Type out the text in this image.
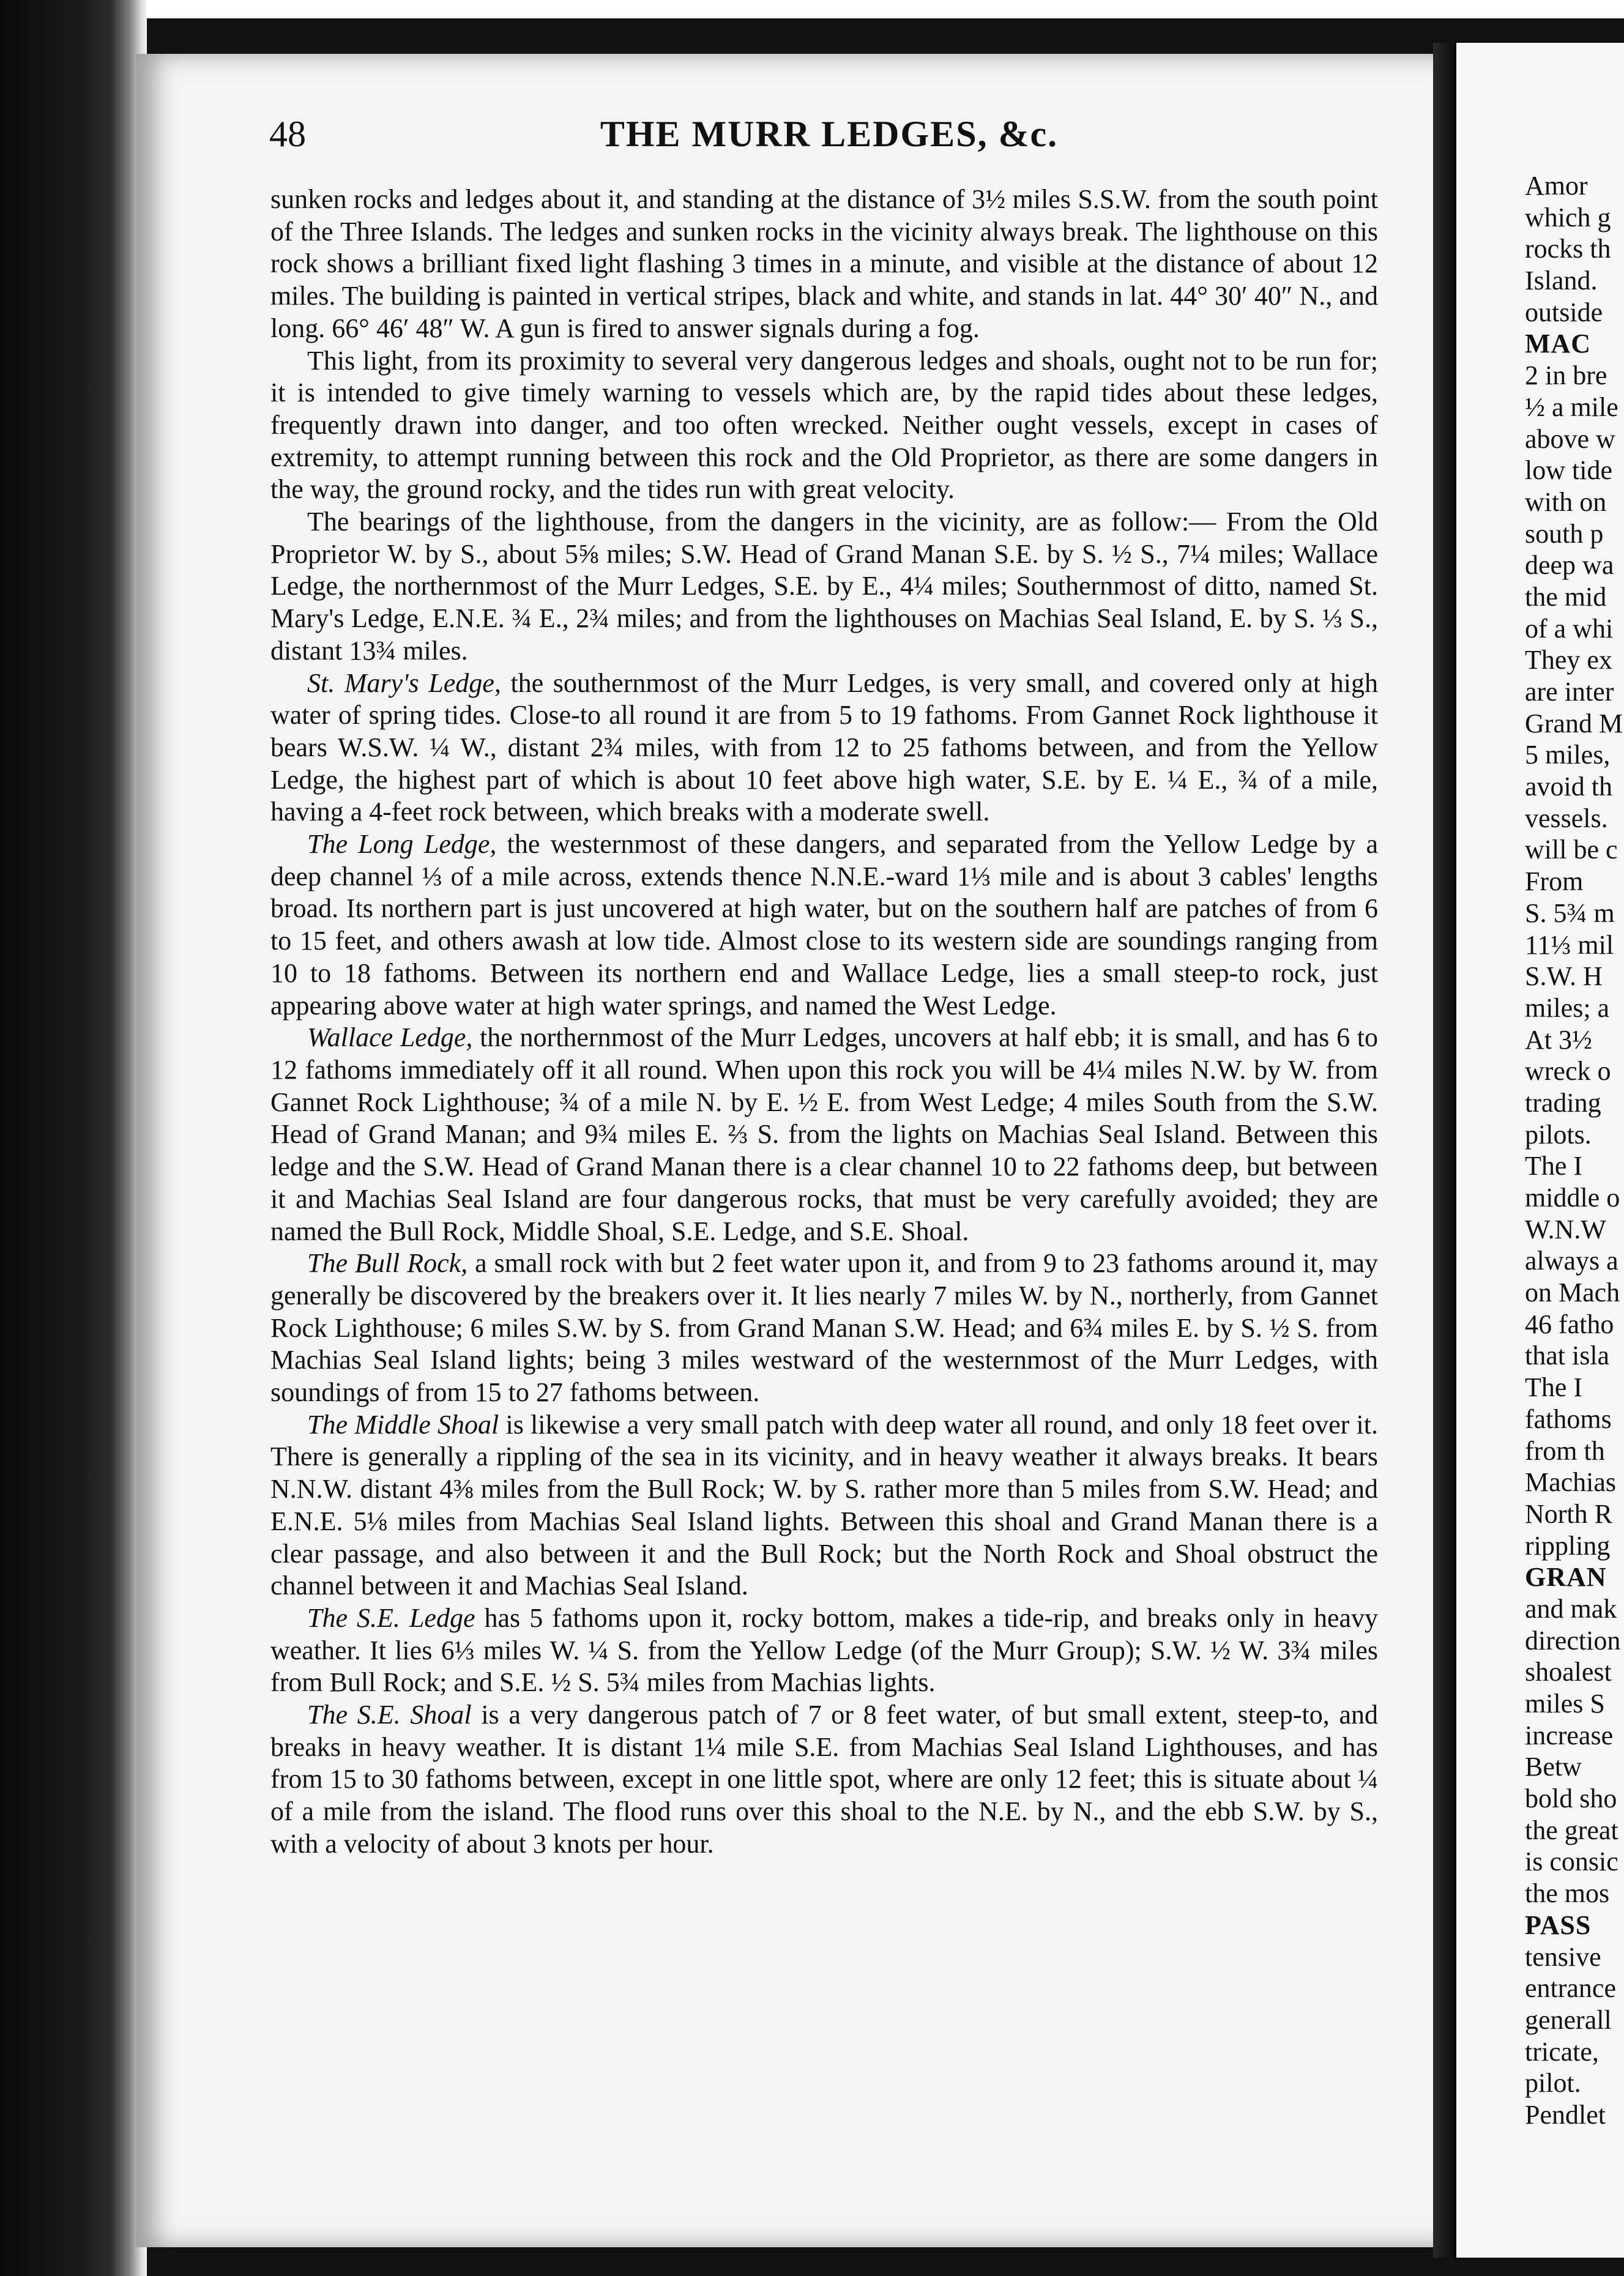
48	THE MURR LEDGES, &c.

sunken rocks and ledges about it, and standing at the distance of 3½ miles S.S.W. from the south point of the Three Islands. The ledges and sunken rocks in the vicinity always break. The lighthouse on this rock shows a brilliant fixed light flashing 3 times in a minute, and visible at the distance of about 12 miles. The building is painted in vertical stripes, black and white, and stands in lat. 44° 30′ 40″ N., and long. 66° 46′ 48″ W. A gun is fired to answer signals during a fog.

This light, from its proximity to several very dangerous ledges and shoals, ought not to be run for; it is intended to give timely warning to vessels which are, by the rapid tides about these ledges, frequently drawn into danger, and too often wrecked. Neither ought vessels, except in cases of extremity, to attempt running between this rock and the Old Proprietor, as there are some dangers in the way, the ground rocky, and the tides run with great velocity.

The bearings of the lighthouse, from the dangers in the vicinity, are as follow:— From the Old Proprietor W. by S., about 5⅝ miles; S.W. Head of Grand Manan S.E. by S. ½ S., 7¼ miles; Wallace Ledge, the northernmost of the Murr Ledges, S.E. by E., 4¼ miles; Southernmost of ditto, named St. Mary's Ledge, E.N.E. ¾ E., 2¾ miles; and from the lighthouses on Machias Seal Island, E. by S. ⅓ S., distant 13¾ miles.

St. Mary's Ledge, the southernmost of the Murr Ledges, is very small, and covered only at high water of spring tides. Close-to all round it are from 5 to 19 fathoms. From Gannet Rock lighthouse it bears W.S.W. ¼ W., distant 2¾ miles, with from 12 to 25 fathoms between, and from the Yellow Ledge, the highest part of which is about 10 feet above high water, S.E. by E. ¼ E., ¾ of a mile, having a 4-feet rock between, which breaks with a moderate swell.

The Long Ledge, the westernmost of these dangers, and separated from the Yellow Ledge by a deep channel ⅓ of a mile across, extends thence N.N.E.-ward 1⅓ mile and is about 3 cables' lengths broad. Its northern part is just uncovered at high water, but on the southern half are patches of from 6 to 15 feet, and others awash at low tide. Almost close to its western side are soundings ranging from 10 to 18 fathoms. Between its northern end and Wallace Ledge, lies a small steep-to rock, just appearing above water at high water springs, and named the West Ledge.

Wallace Ledge, the northernmost of the Murr Ledges, uncovers at half ebb; it is small, and has 6 to 12 fathoms immediately off it all round. When upon this rock you will be 4¼ miles N.W. by W. from Gannet Rock Lighthouse; ¾ of a mile N. by E. ½ E. from West Ledge; 4 miles South from the S.W. Head of Grand Manan; and 9¾ miles E. ⅔ S. from the lights on Machias Seal Island. Between this ledge and the S.W. Head of Grand Manan there is a clear channel 10 to 22 fathoms deep, but between it and Machias Seal Island are four dangerous rocks, that must be very carefully avoided; they are named the Bull Rock, Middle Shoal, S.E. Ledge, and S.E. Shoal.

The Bull Rock, a small rock with but 2 feet water upon it, and from 9 to 23 fathoms around it, may generally be discovered by the breakers over it. It lies nearly 7 miles W. by N., northerly, from Gannet Rock Lighthouse; 6 miles S.W. by S. from Grand Manan S.W. Head; and 6¾ miles E. by S. ½ S. from Machias Seal Island lights; being 3 miles westward of the westernmost of the Murr Ledges, with soundings of from 15 to 27 fathoms between.

The Middle Shoal is likewise a very small patch with deep water all round, and only 18 feet over it. There is generally a rippling of the sea in its vicinity, and in heavy weather it always breaks. It bears N.N.W. distant 4⅜ miles from the Bull Rock; W. by S. rather more than 5 miles from S.W. Head; and E.N.E. 5⅛ miles from Machias Seal Island lights. Between this shoal and Grand Manan there is a clear passage, and also between it and the Bull Rock; but the North Rock and Shoal obstruct the channel between it and Machias Seal Island.

The S.E. Ledge has 5 fathoms upon it, rocky bottom, makes a tide-rip, and breaks only in heavy weather. It lies 6⅓ miles W. ¼ S. from the Yellow Ledge (of the Murr Group); S.W. ½ W. 3¾ miles from Bull Rock; and S.E. ½ S. 5¾ miles from Machias lights.

The S.E. Shoal is a very dangerous patch of 7 or 8 feet water, of but small extent, steep-to, and breaks in heavy weather. It is distant 1¼ mile S.E. from Machias Seal Island Lighthouses, and has from 15 to 30 fathoms between, except in one little spot, where are only 12 feet; this is situate about ¼ of a mile from the island. The flood runs over this shoal to the N.E. by N., and the ebb S.W. by S., with a velocity of about 3 knots per hour.

Amor
which g
rocks th
Island.
outside
MAC
2 in bre
½ a mile
above w
low tide
with on
south p
deep wa
the mid
of a whi
They ex
are inter
Grand M
5 miles,
avoid th
vessels.
will be c
From
S. 5¾ m
11⅓ mil
S.W. H
miles; a
At 3½
wreck o
trading
pilots.
The I
middle o
W.N.W
always a
on Mach
46 fatho
that isla
The I
fathoms
from th
Machias
North R
rippling
GRAN
and mak
direction
shoalest
miles S
increase
Betw
bold sho
the great
is consic
the mos
PASS
tensive
entrance
generall
tricate,
pilot.
Pendlet
